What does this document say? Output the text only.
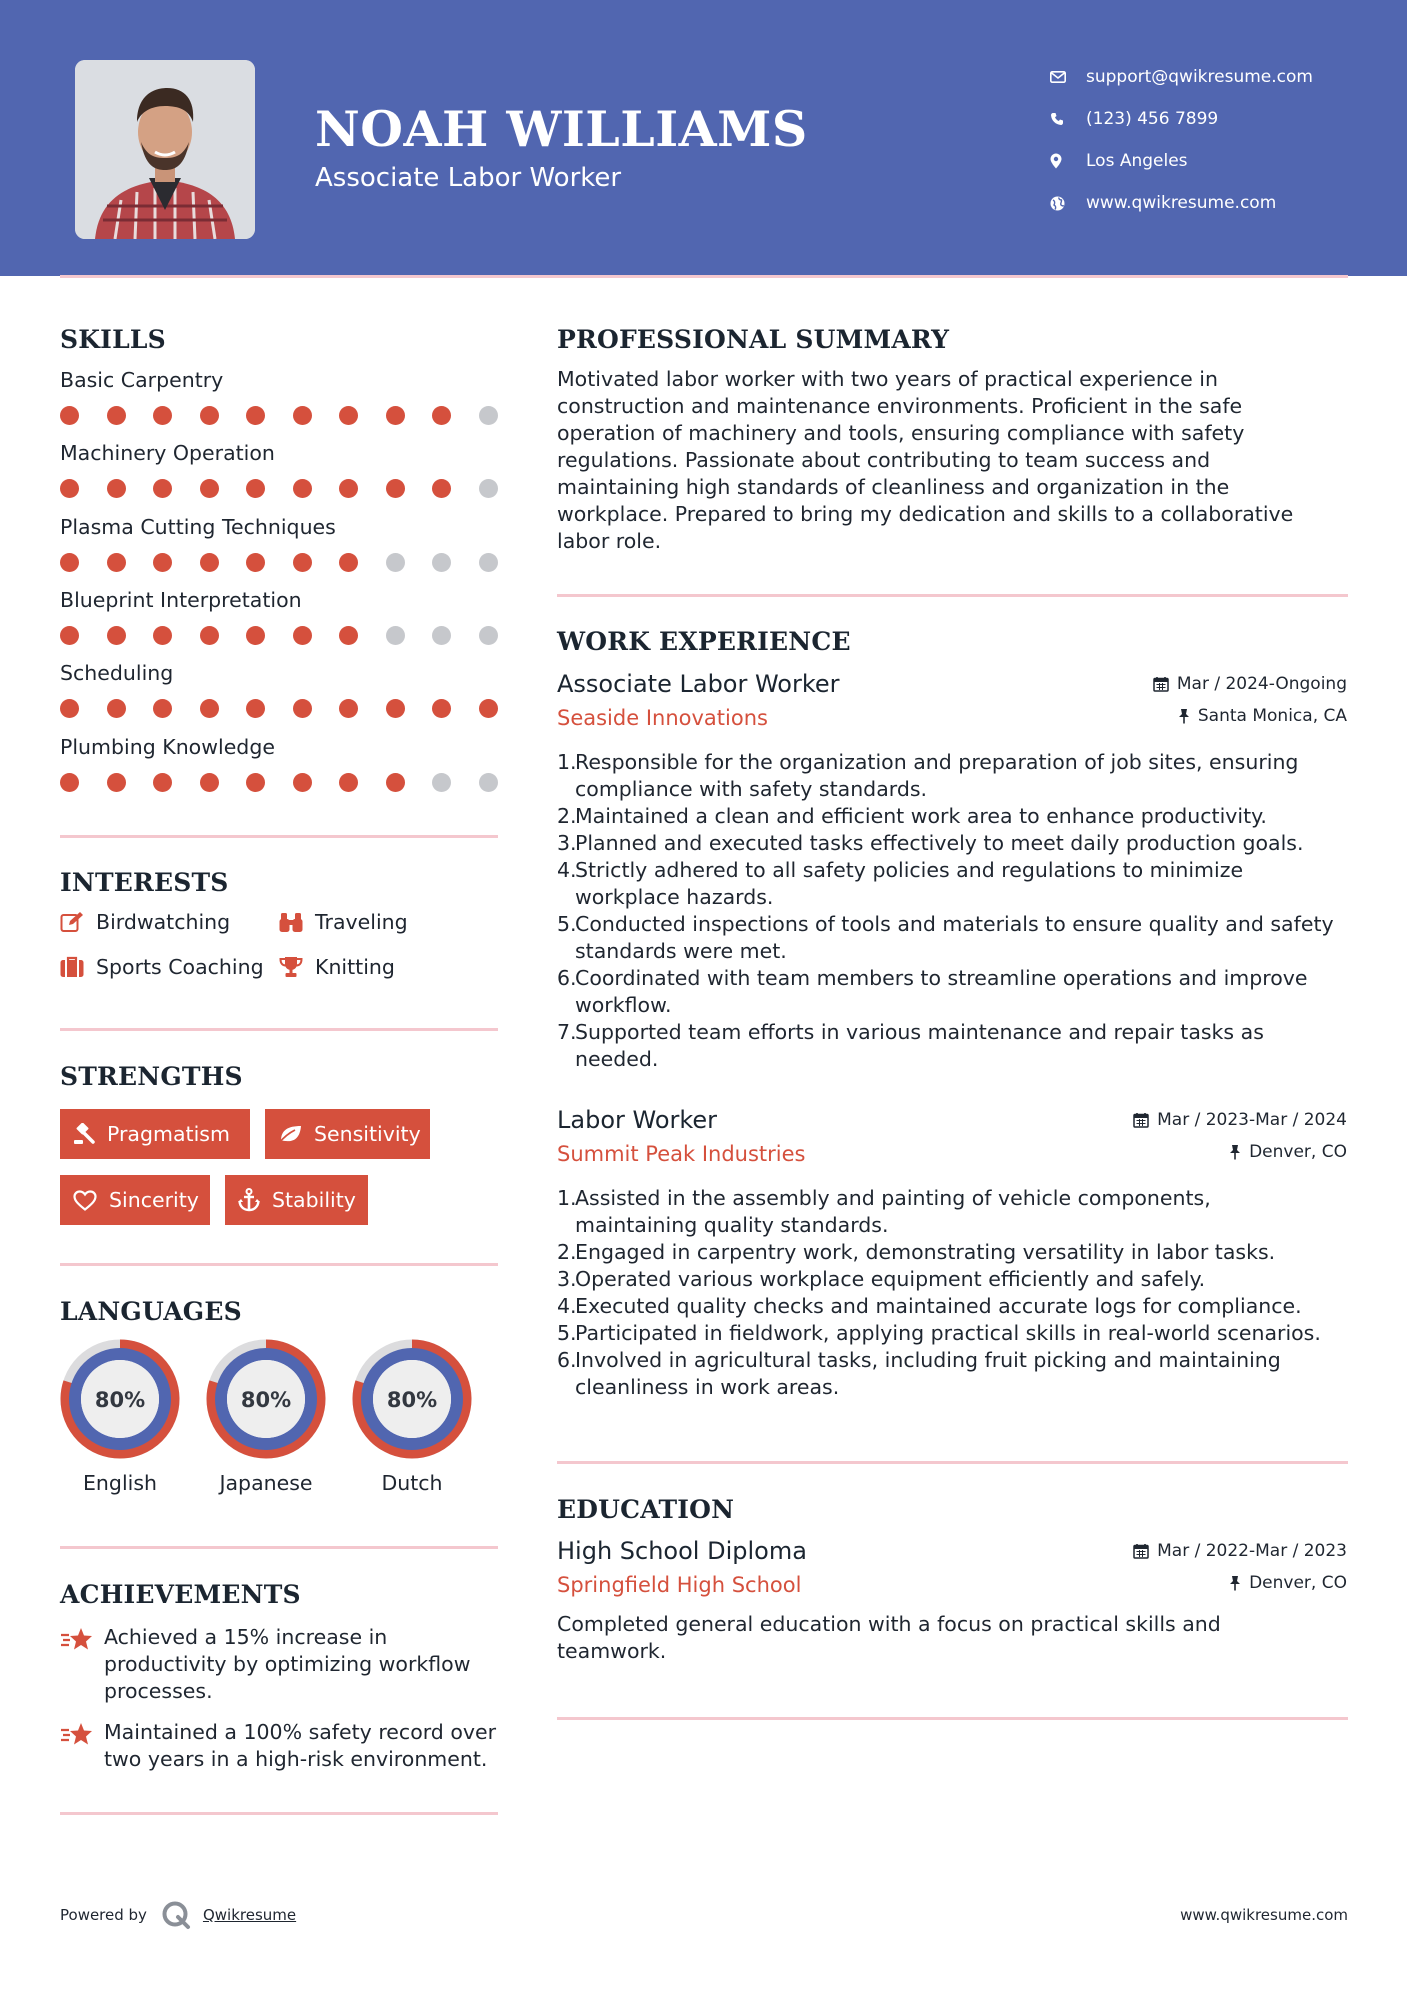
NOAH WILLIAMS
Associate Labor Worker
support@qwikresume.com
(123) 456 7899
Los Angeles
www.qwikresume.com
SKILLS
Basic Carpentry
Machinery Operation
Plasma Cutting Techniques
Blueprint Interpretation
Scheduling
Plumbing Knowledge
INTERESTS
Birdwatching	Traveling
Sports Coaching	Knitting
STRENGTHS
Pragmatism	Sensitivity
Sincerity	Stability
LANGUAGES
80%
English
80%
Japanese
80%
Dutch
ACHIEVEMENTS
Achieved a 15% increase in
productivity by optimizing workflow
processes.
Maintained a 100% safety record over
two years in a high-risk environment.
PROFESSIONAL SUMMARY
Motivated labor worker with two years of practical experience in
construction and maintenance environments. Proficient in the safe
operation of machinery and tools, ensuring compliance with safety
regulations. Passionate about contributing to team success and
maintaining high standards of cleanliness and organization in the
workplace. Prepared to bring my dedication and skills to a collaborative
labor role.
WORK EXPERIENCE
Associate Labor Worker	Mar / 2024-Ongoing
Seaside Innovations	Santa Monica, CA
1.
Responsible for the organization and preparation of job sites, ensuring
compliance with safety standards.
2.
Maintained a clean and efficient work area to enhance productivity.
3.
Planned and executed tasks effectively to meet daily production goals.
4.
Strictly adhered to all safety policies and regulations to minimize
workplace hazards.
5.
Conducted inspections of tools and materials to ensure quality and safety
standards were met.
6.
Coordinated with team members to streamline operations and improve
workflow.
7.
Supported team efforts in various maintenance and repair tasks as
needed.
Labor Worker	Mar / 2023-Mar / 2024
Summit Peak Industries	Denver, CO
1.
Assisted in the assembly and painting of vehicle components,
maintaining quality standards.
2.
Engaged in carpentry work, demonstrating versatility in labor tasks.
3.
Operated various workplace equipment efficiently and safely.
4.
Executed quality checks and maintained accurate logs for compliance.
5.
Participated in fieldwork, applying practical skills in real-world scenarios.
6.
Involved in agricultural tasks, including fruit picking and maintaining
cleanliness in work areas.
EDUCATION
High School Diploma	Mar / 2022-Mar / 2023
Springfield High School	Denver, CO
Completed general education with a focus on practical skills and
teamwork.
Powered by	Qwikresume	www.qwikresume.com
